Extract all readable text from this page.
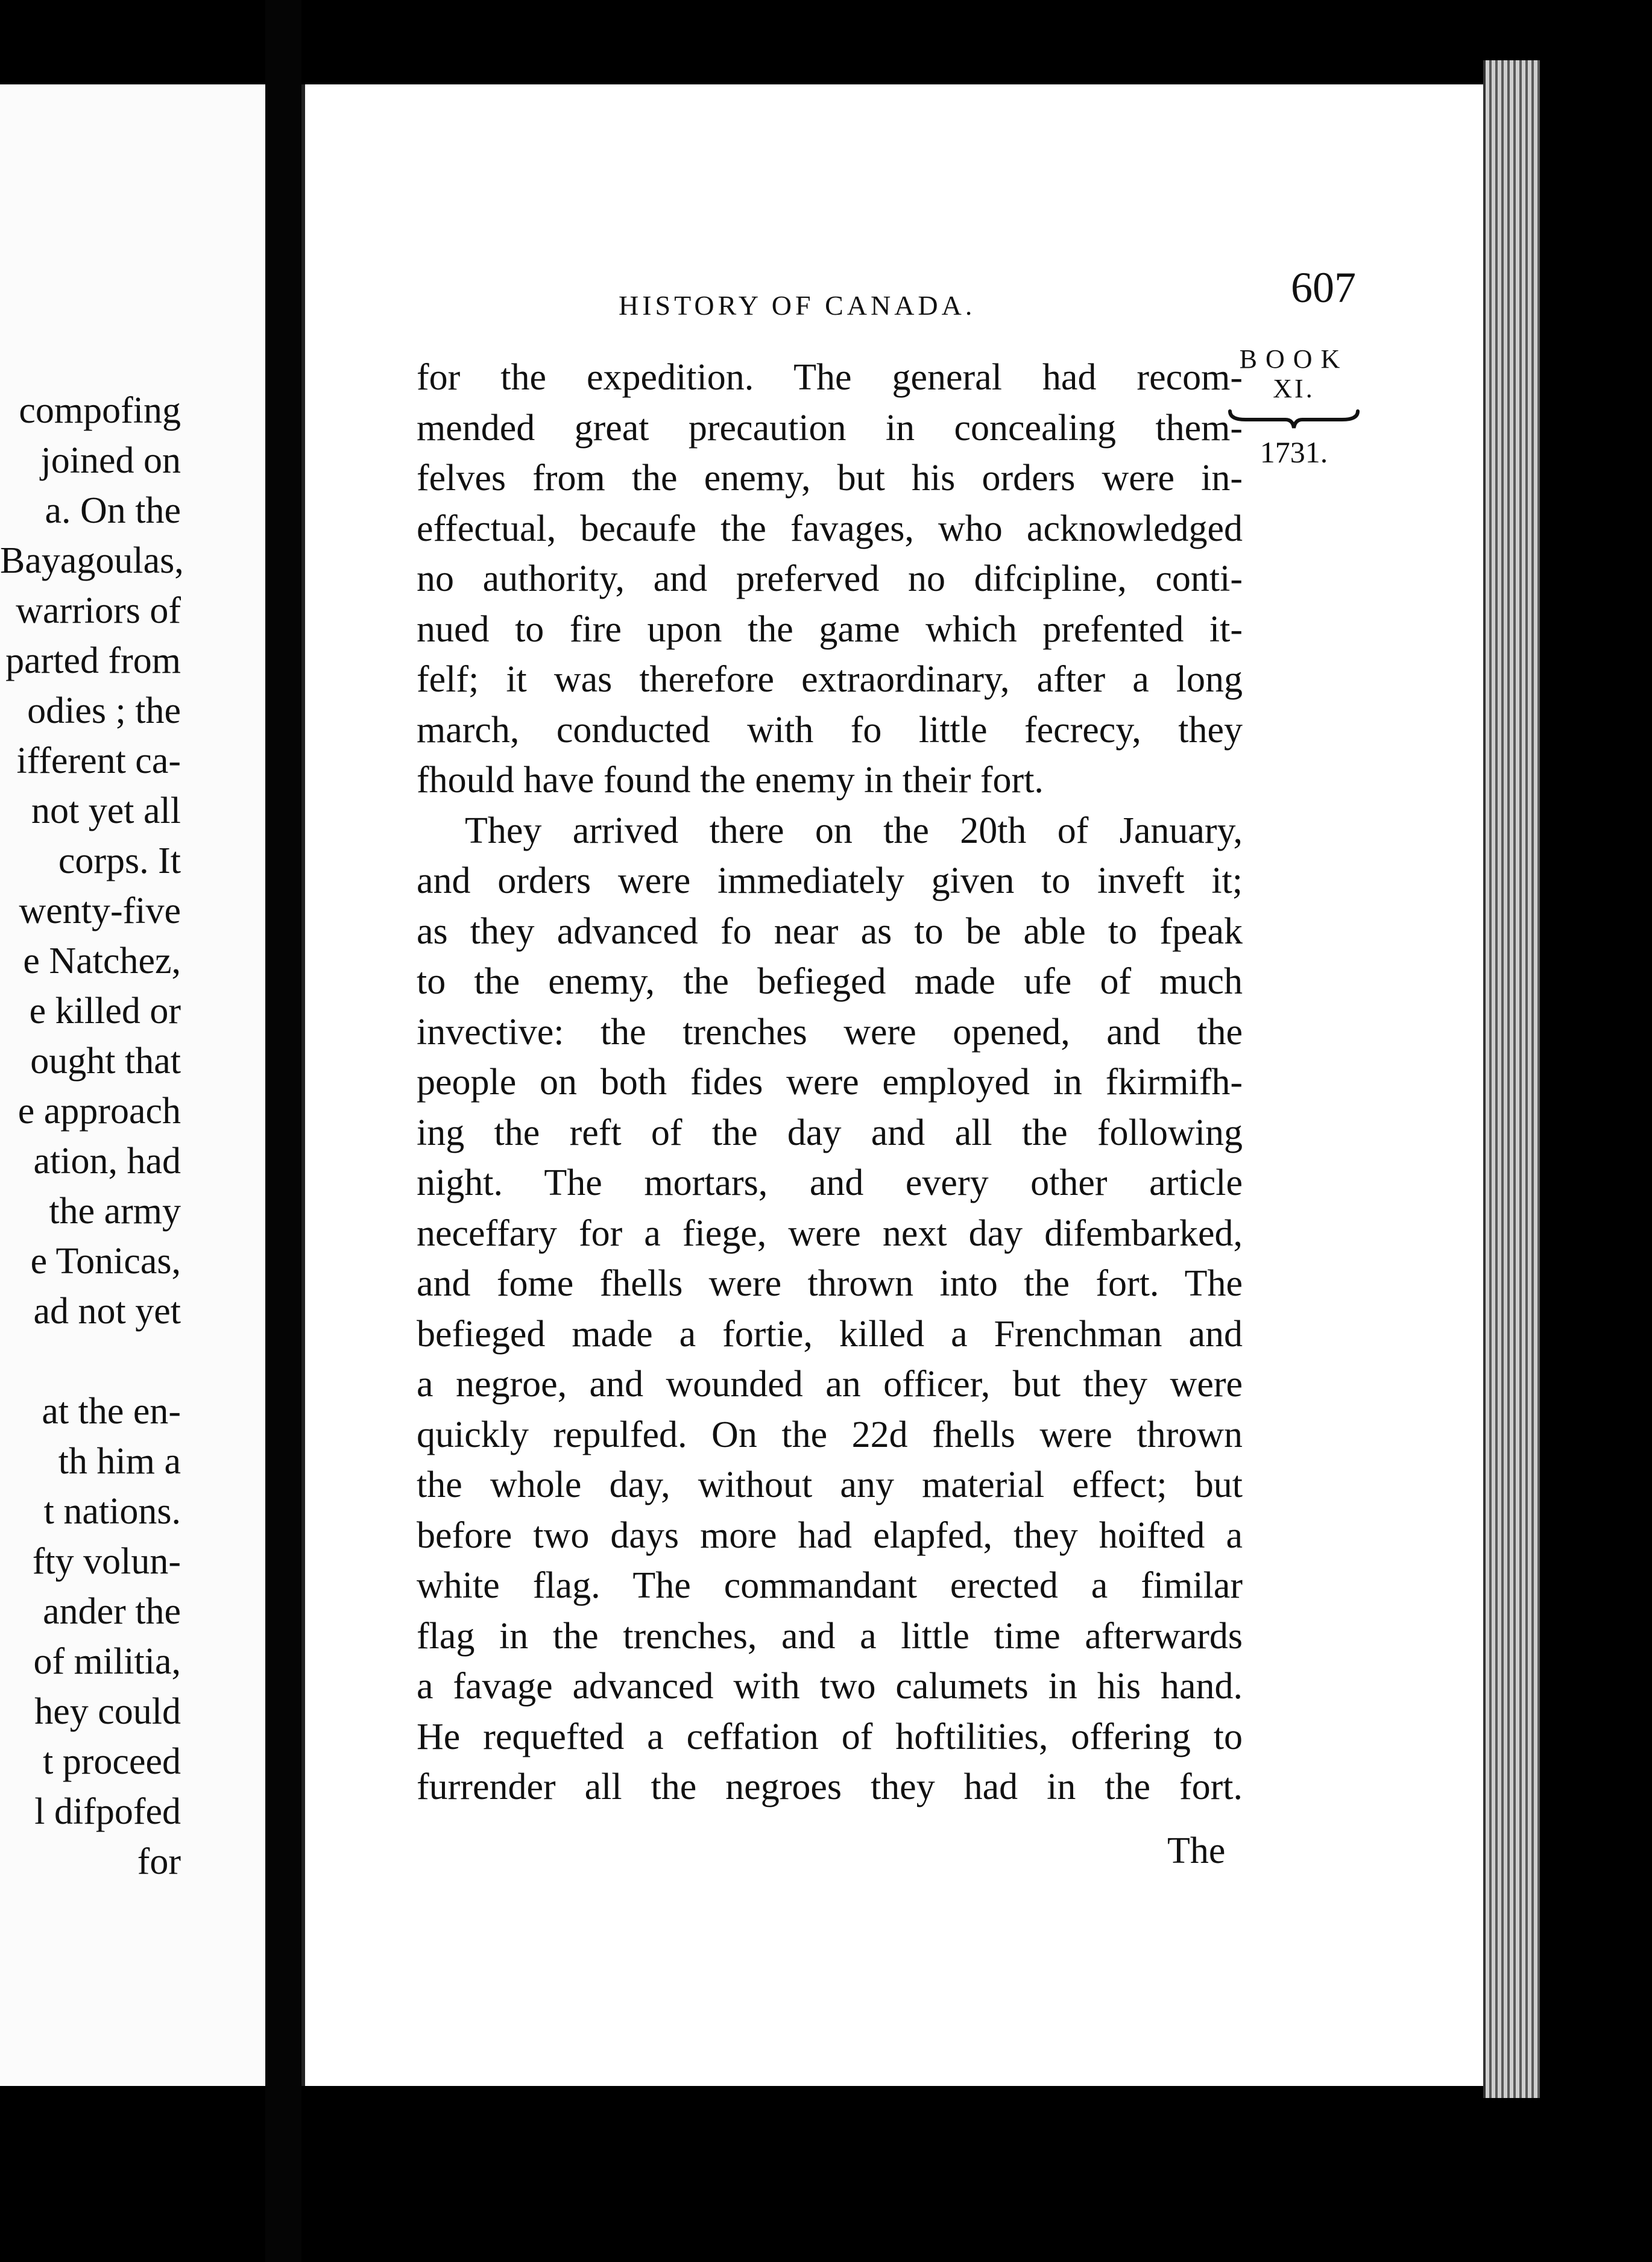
compofing
joined on
a. On the
Bayagoulas,
warriors of
parted from
odies ; the
ifferent ca-
not yet all
corps. It
wenty-five
e Natchez,
e killed or
ought that
e approach
ation, had
the army
e Tonicas,
ad not yet
at the en-
th him a
t nations.
fty volun-
ander the
of militia,
hey could
t proceed
l difpofed
for
HISTORY OF CANADA.	607
BOOK
XI.
1731.
for the expedition. The general had recom-
mended great precaution in concealing them-
felves from the enemy, but his orders were in-
effectual, becaufe the favages, who acknowledged
no authority, and preferved no difcipline, conti-
nued to fire upon the game which prefented it-
felf; it was therefore extraordinary, after a long
march, conducted with fo little fecrecy, they
fhould have found the enemy in their fort.
They arrived there on the 20th of January,
and orders were immediately given to inveft it;
as they advanced fo near as to be able to fpeak
to the enemy, the befieged made ufe of much
invective: the trenches were opened, and the
people on both fides were employed in fkirmifh-
ing the reft of the day and all the following
night. The mortars, and every other article
neceffary for a fiege, were next day difembarked,
and fome fhells were thrown into the fort. The
befieged made a fortie, killed a Frenchman and
a negroe, and wounded an officer, but they were
quickly repulfed. On the 22d fhells were thrown
the whole day, without any material effect; but
before two days more had elapfed, they hoifted a
white flag. The commandant erected a fimilar
flag in the trenches, and a little time afterwards
a favage advanced with two calumets in his hand.
He requefted a ceffation of hoftilities, offering to
furrender all the negroes they had in the fort.
The
